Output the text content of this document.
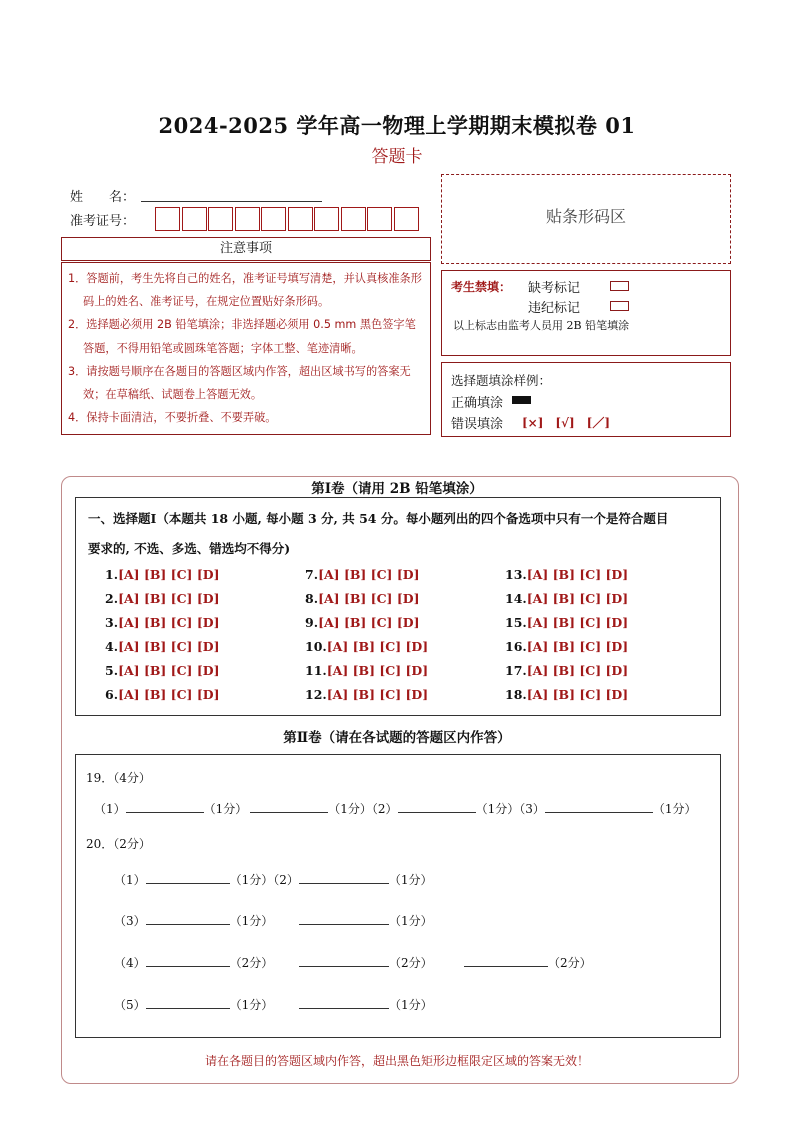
2024-2025 学年高一物理上学期期末模拟卷 01
答题卡
姓　　名：
准考证号：
注意事项
1．答题前，考生先将自己的姓名，准考证号填写清楚，并认真核准条形码上的姓名、准考证号，在规定位置贴好条形码。
2．选择题必须用 2B 铅笔填涂；非选择题必须用 0.5 mm 黑色签字笔答题，不得用铅笔或圆珠笔答题；字体工整、笔迹清晰。
3．请按题号顺序在各题目的答题区域内作答，超出区域书写的答案无效；在草稿纸、试题卷上答题无效。
4．保持卡面清洁，不要折叠、不要弄破。
贴条形码区
考生禁填： 缺考标记
违纪标记
以上标志由监考人员用 2B 铅笔填涂
选择题填涂样例：
正确填涂
错误填涂 [×]　[√]　[／]
第Ⅰ卷（请用 2B 铅笔填涂）
一、选择题Ⅰ（本题共 18 小题, 每小题 3 分, 共 54 分。每小题列出的四个备选项中只有一个是符合题目
要求的, 不选、多选、错选均不得分)
1.[A] [B] [C] [D]
2.[A] [B] [C] [D]
3.[A] [B] [C] [D]
4.[A] [B] [C] [D]
5.[A] [B] [C] [D]
6.[A] [B] [C] [D]
7.[A] [B] [C] [D]
8.[A] [B] [C] [D]
9.[A] [B] [C] [D]
10.[A] [B] [C] [D]
11.[A] [B] [C] [D]
12.[A] [B] [C] [D]
13.[A] [B] [C] [D]
14.[A] [B] [C] [D]
15.[A] [B] [C] [D]
16.[A] [B] [C] [D]
17.[A] [B] [C] [D]
18.[A] [B] [C] [D]
第Ⅱ卷（请在各试题的答题区内作答）
19．（4分）
（1）	（1分）	（1分）（2）	（1分）（3）	（1分）
20．（2分）
（1）	（1分）（2）	（1分）
（3）	（1分）	（1分）
（4）	（2分）	（2分）	（2分）
（5）	（1分）	（1分）
请在各题目的答题区域内作答，超出黑色矩形边框限定区域的答案无效！
